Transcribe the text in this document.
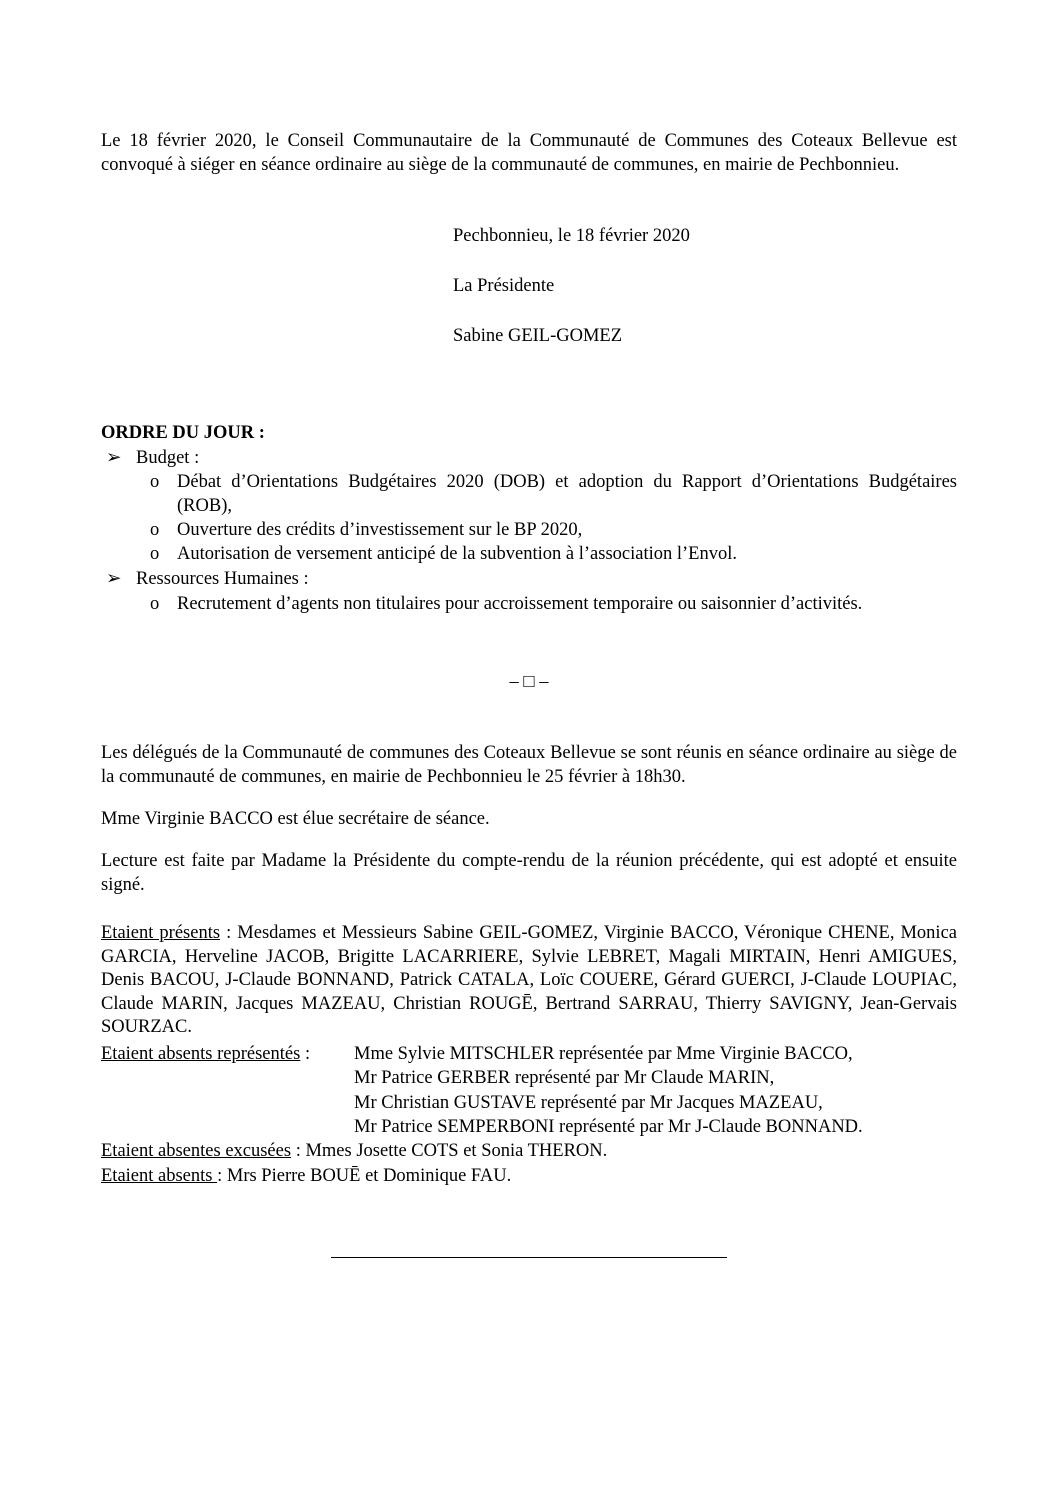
Le 18 février 2020, le Conseil Communautaire de la Communauté de Communes des Coteaux Bellevue est convoqué à siéger en séance ordinaire au siège de la communauté de communes, en mairie de Pechbonnieu.

Pechbonnieu, le 18 février 2020

La Présidente

Sabine GEIL-GOMEZ

ORDRE DU JOUR :

➢ Budget :
o Débat d’Orientations Budgétaires 2020 (DOB) et adoption du Rapport d’Orientations Budgétaires (ROB),

o Ouverture des crédits d’investissement sur le BP 2020,

o Autorisation de versement anticipé de la subvention à l’association l’Envol.

➢ Ressources Humaines :
o Recrutement d’agents non titulaires pour accroissement temporaire ou saisonnier d’activités.

– □ –

Les délégués de la Communauté de communes des Coteaux Bellevue se sont réunis en séance ordinaire au siège de la communauté de communes, en mairie de Pechbonnieu le 25 février à 18h30.

Mme Virginie BACCO est élue secrétaire de séance.

Lecture est faite par Madame la Présidente du compte-rendu de la réunion précédente, qui est adopté et ensuite signé.

Etaient présents : Mesdames et Messieurs Sabine GEIL-GOMEZ, Virginie BACCO, Véronique CHENE, Monica GARCIA, Herveline JACOB, Brigitte LACARRIERE, Sylvie LEBRET, Magali MIRTAIN, Henri AMIGUES, Denis BACOU, J-Claude BONNAND, Patrick CATALA, Loïc COUERE, Gérard GUERCI, J-Claude LOUPIAC, Claude MARIN, Jacques MAZEAU, Christian ROUGĒ, Bertrand SARRAU, Thierry SAVIGNY, Jean-Gervais SOURZAC.

Etaient absents représentés : Mme Sylvie MITSCHLER représentée par Mme Virginie BACCO,

Mr Patrice GERBER représenté par Mr Claude MARIN,

Mr Christian GUSTAVE représenté par Mr Jacques MAZEAU,

Mr Patrice SEMPERBONI représenté par Mr J-Claude BONNAND.

Etaient absentes excusées : Mmes Josette COTS et Sonia THERON.

Etaient absents : Mrs Pierre BOUĒ et Dominique FAU.
